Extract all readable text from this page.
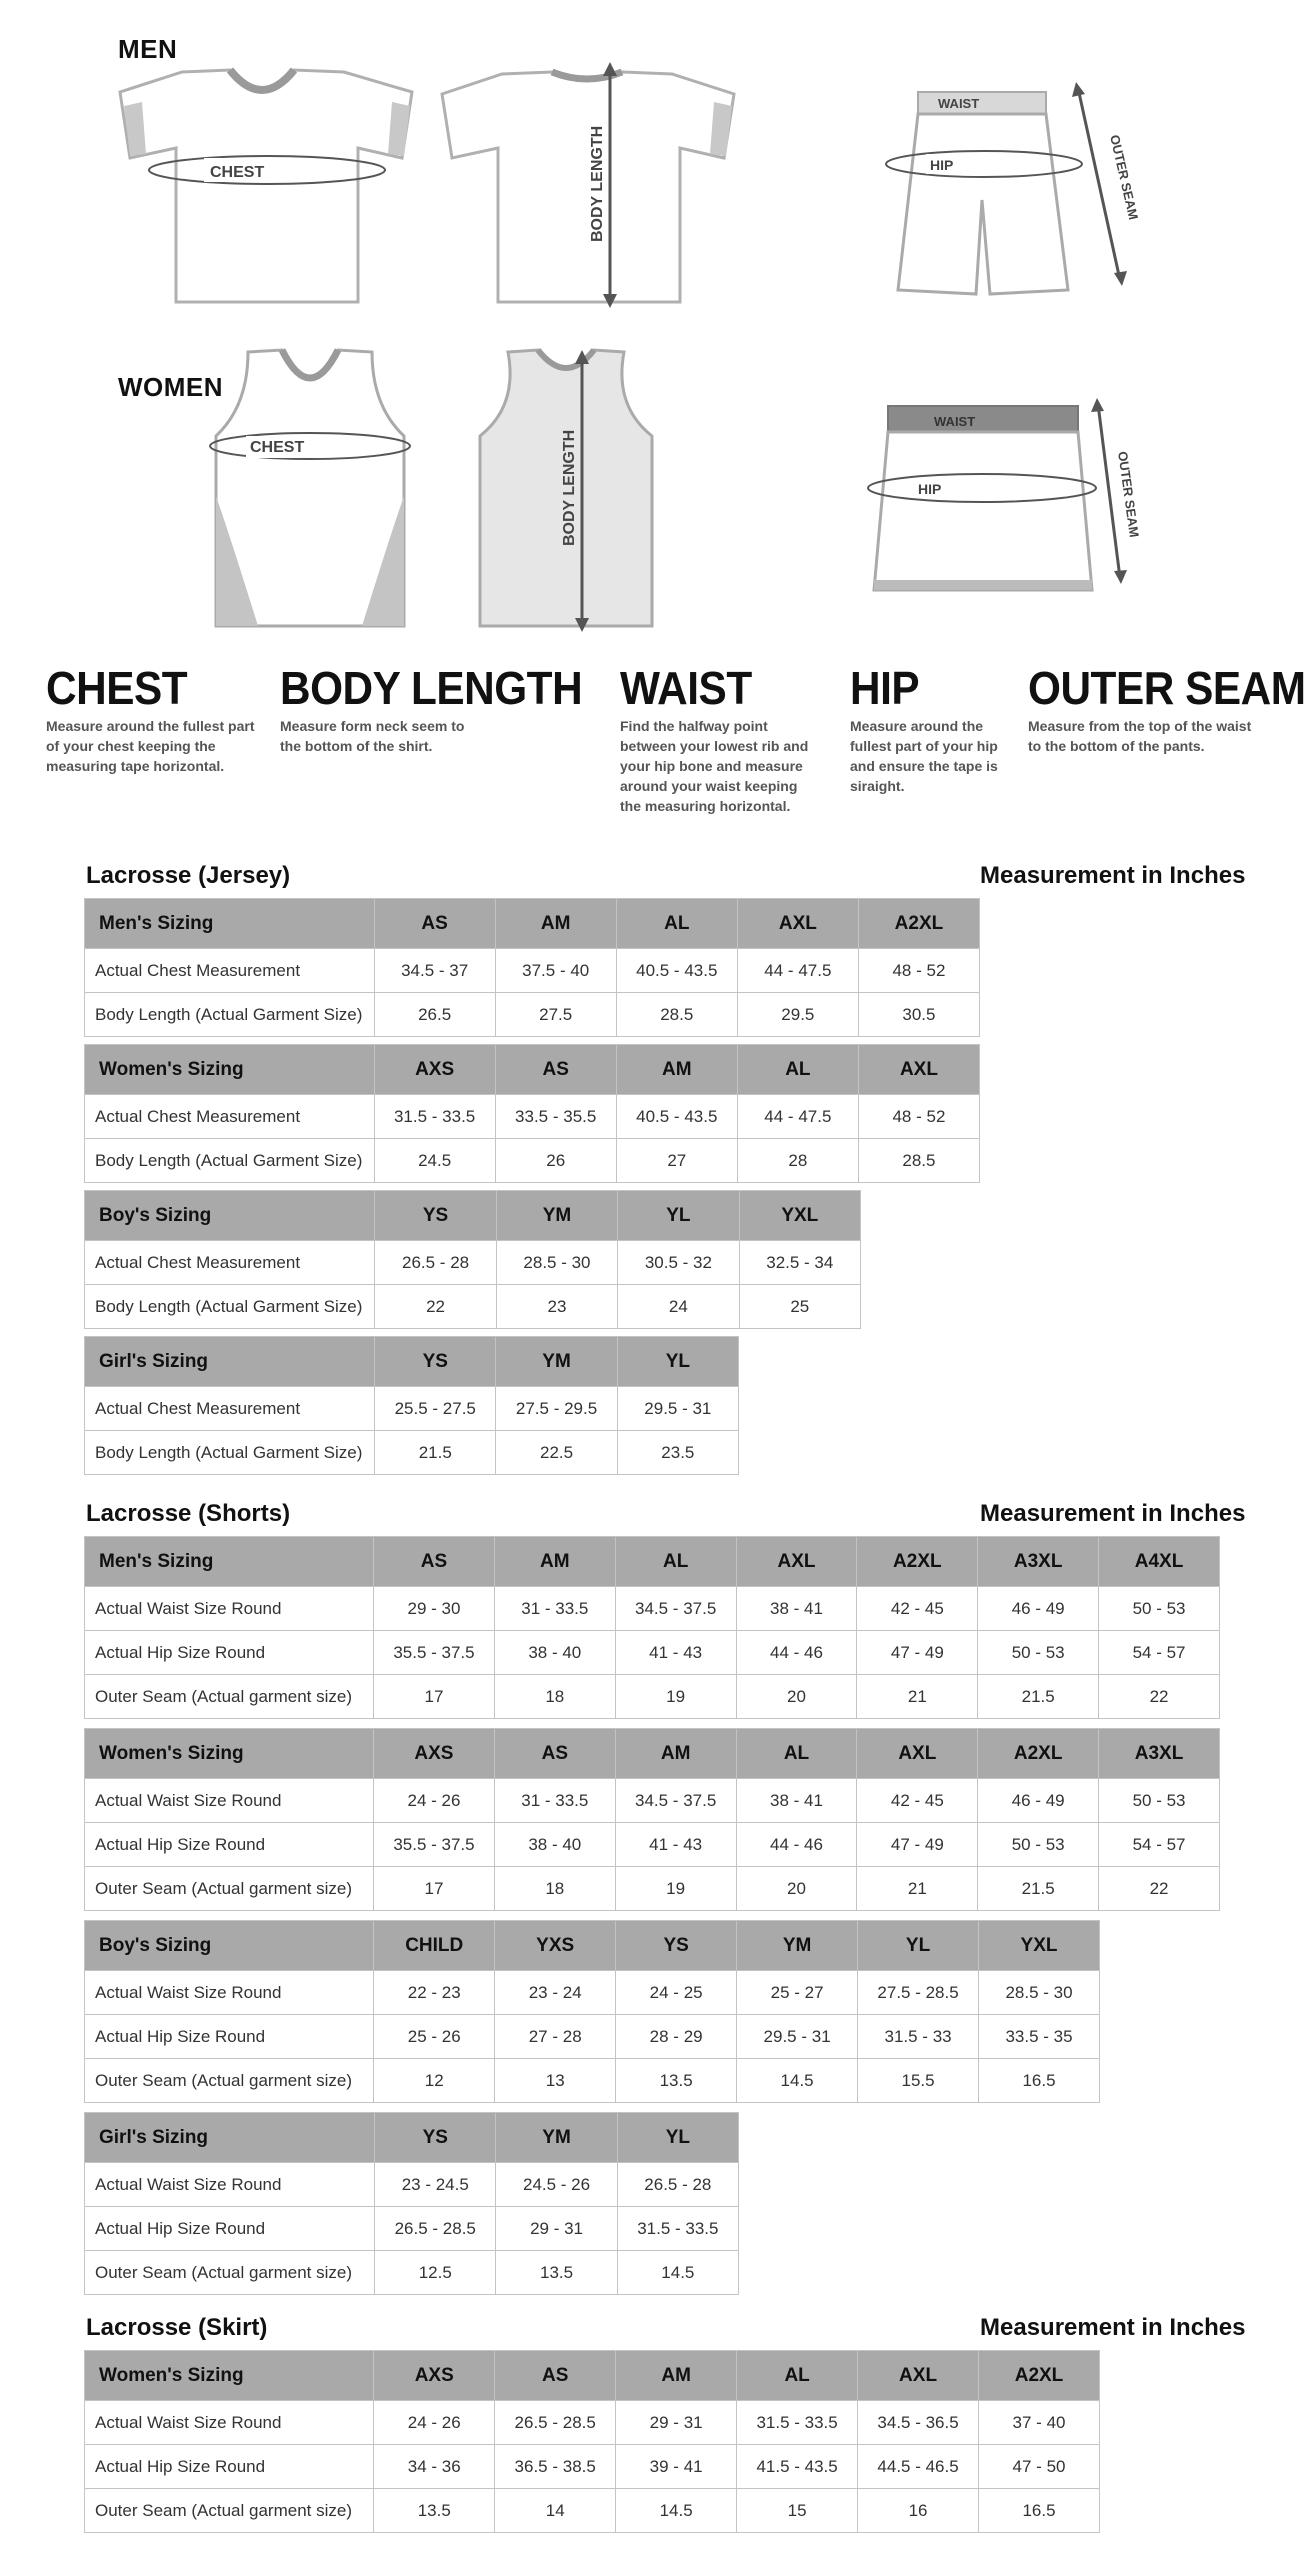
MEN
WOMEN
CHEST	BODY LENGTH
WAIST
HIP	OUTER SEAM
CHEST	BODY LENGTH
WAIST
HIP	OUTER SEAM
CHEST

Measure around the fullest part of your chest keeping the measuring tape horizontal.

BODY LENGTH

Measure form neck seem to the bottom of the shirt.

WAIST

Find the halfway point between your lowest rib and your hip bone and measure around your waist keeping the measuring horizontal.

HIP

Measure around the fullest part of your hip and ensure the tape is siraight.

OUTER SEAM

Measure from the top of the waist to the bottom of the pants.

Lacrosse (Jersey)	Measurement in Inches
Men's Sizing	AS	AM	AL	AXL	A2XL
Actual Chest Measurement	34.5 - 37	37.5 - 40	40.5 - 43.5	44 - 47.5	48 - 52
Body Length (Actual Garment Size)	26.5	27.5	28.5	29.5	30.5
Women's Sizing	AXS	AS	AM	AL	AXL
Actual Chest Measurement	31.5 - 33.5	33.5 - 35.5	40.5 - 43.5	44 - 47.5	48 - 52
Body Length (Actual Garment Size)	24.5	26	27	28	28.5
Boy's Sizing	YS	YM	YL	YXL
Actual Chest Measurement	26.5 - 28	28.5 - 30	30.5 - 32	32.5 - 34
Body Length (Actual Garment Size)	22	23	24	25
Girl's Sizing	YS	YM	YL
Actual Chest Measurement	25.5 - 27.5	27.5 - 29.5	29.5 - 31
Body Length (Actual Garment Size)	21.5	22.5	23.5
Lacrosse (Shorts)	Measurement in Inches
Men's Sizing	AS	AM	AL	AXL	A2XL	A3XL	A4XL
Actual Waist Size Round	29 - 30	31 - 33.5	34.5 - 37.5	38 - 41	42 - 45	46 - 49	50 - 53
Actual Hip Size Round	35.5 - 37.5	38 - 40	41 - 43	44 - 46	47 - 49	50 - 53	54 - 57
Outer Seam (Actual garment size)	17	18	19	20	21	21.5	22
Women's Sizing	AXS	AS	AM	AL	AXL	A2XL	A3XL
Actual Waist Size Round	24 - 26	31 - 33.5	34.5 - 37.5	38 - 41	42 - 45	46 - 49	50 - 53
Actual Hip Size Round	35.5 - 37.5	38 - 40	41 - 43	44 - 46	47 - 49	50 - 53	54 - 57
Outer Seam (Actual garment size)	17	18	19	20	21	21.5	22
Boy's Sizing	CHILD	YXS	YS	YM	YL	YXL
Actual Waist Size Round	22 - 23	23 - 24	24 - 25	25 - 27	27.5 - 28.5	28.5 - 30
Actual Hip Size Round	25 - 26	27 - 28	28 - 29	29.5 - 31	31.5 - 33	33.5 - 35
Outer Seam (Actual garment size)	12	13	13.5	14.5	15.5	16.5
Girl's Sizing	YS	YM	YL
Actual Waist Size Round	23 - 24.5	24.5 - 26	26.5 - 28
Actual Hip Size Round	26.5 - 28.5	29 - 31	31.5 - 33.5
Outer Seam (Actual garment size)	12.5	13.5	14.5
Lacrosse (Skirt)	Measurement in Inches
Women's Sizing	AXS	AS	AM	AL	AXL	A2XL
Actual Waist Size Round	24 - 26	26.5 - 28.5	29 - 31	31.5 - 33.5	34.5 - 36.5	37 - 40
Actual Hip Size Round	34 - 36	36.5 - 38.5	39 - 41	41.5 - 43.5	44.5 - 46.5	47 - 50
Outer Seam (Actual garment size)	13.5	14	14.5	15	16	16.5
